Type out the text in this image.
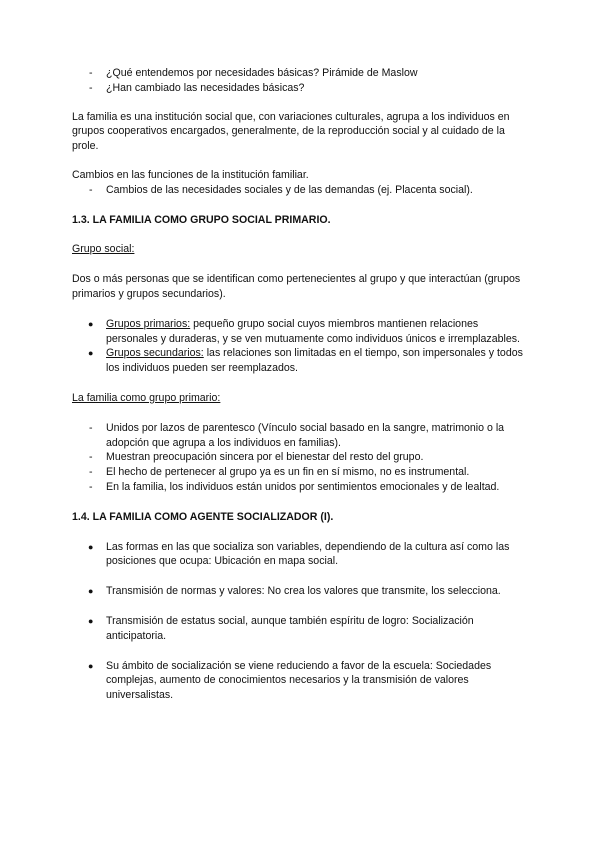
- ¿Qué entendemos por necesidades básicas? Pirámide de Maslow
- ¿Han cambiado las necesidades básicas?

La familia es una institución social que, con variaciones culturales, agrupa a los individuos en grupos cooperativos encargados, generalmente, de la reproducción social y al cuidado de la prole.

Cambios en las funciones de la institución familiar.

- Cambios de las necesidades sociales y de las demandas (ej. Placenta social).

1.3. LA FAMILIA COMO GRUPO SOCIAL PRIMARIO.

Grupo social:

Dos o más personas que se identifican como pertenecientes al grupo y que interactúan (grupos primarios y grupos secundarios).

● Grupos primarios: pequeño grupo social cuyos miembros mantienen relaciones personales y duraderas, y se ven mutuamente como individuos únicos e irremplazables.
● Grupos secundarios: las relaciones son limitadas en el tiempo, son impersonales y todos los individuos pueden ser reemplazados.

La familia como grupo primario:

- Unidos por lazos de parentesco (Vínculo social basado en la sangre, matrimonio o la adopción que agrupa a los individuos en familias).
- Muestran preocupación sincera por el bienestar del resto del grupo.
- El hecho de pertenecer al grupo ya es un fin en sí mismo, no es instrumental.
- En la familia, los individuos están unidos por sentimientos emocionales y de lealtad.

1.4. LA FAMILIA COMO AGENTE SOCIALIZADOR (I).

● Las formas en las que socializa son variables, dependiendo de la cultura así como las posiciones que ocupa: Ubicación en mapa social.
● Transmisión de normas y valores: No crea los valores que transmite, los selecciona.
● Transmisión de estatus social, aunque también espíritu de logro: Socialización anticipatoria.
● Su ámbito de socialización se viene reduciendo a favor de la escuela: Sociedades complejas, aumento de conocimientos necesarios y la transmisión de valores universalistas.
